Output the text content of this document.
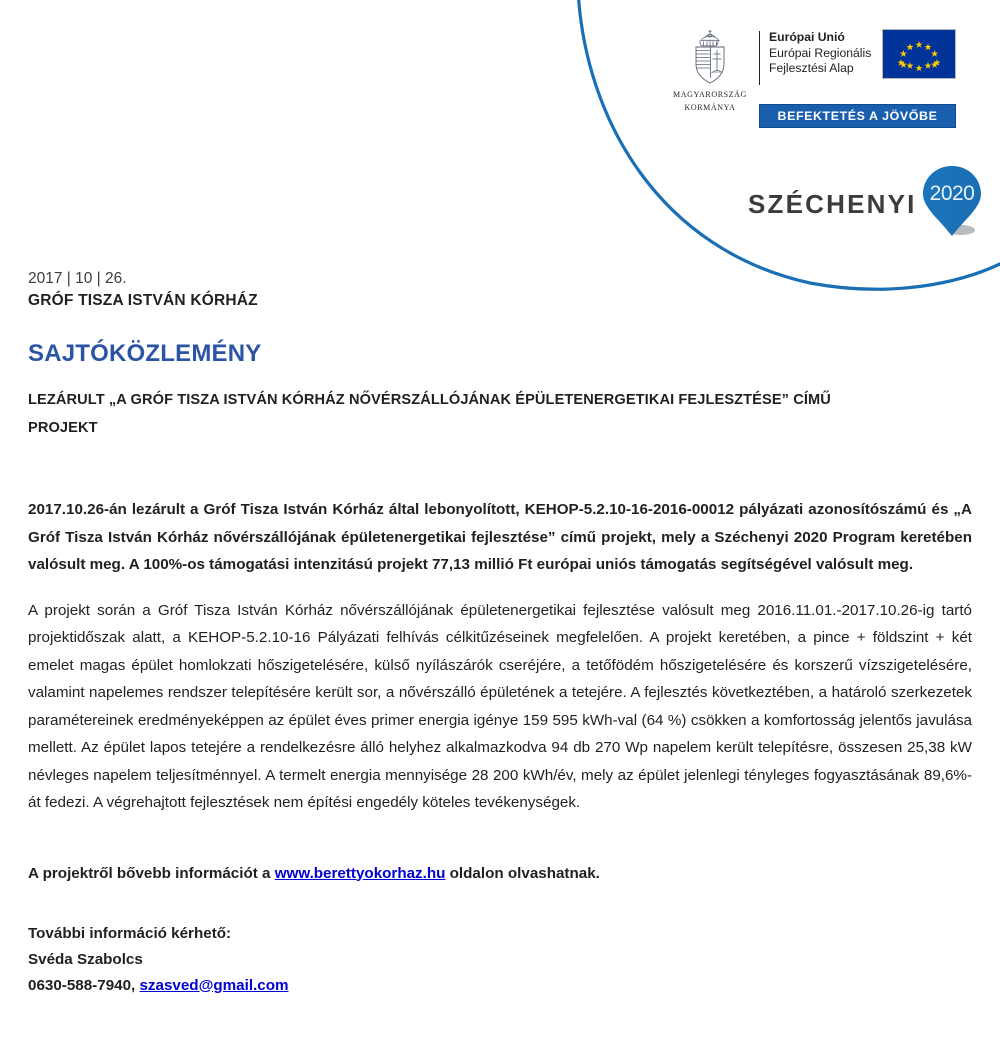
magyarország
kormánya
Európai Unió
Európai Regionális
Fejlesztési Alap
BEFEKTETÉS A JÖVŐBE
SZÉCHENYI 2020
2017 | 10 | 26.
GRÓF TISZA ISTVÁN KÓRHÁZ
SAJTÓKÖZLEMÉNY
LEZÁRULT „A GRÓF TISZA ISTVÁN KÓRHÁZ NŐVÉRSZÁLLÓJÁNAK ÉPÜLETENERGETIKAI FEJLESZTÉSE” CÍMŰ PROJEKT
2017.10.26-án lezárult a Gróf Tisza István Kórház által lebonyolított, KEHOP-5.2.10-16-2016-00012 pályázati azonosítószámú és „A Gróf Tisza István Kórház nővérszállójának épületenergetikai fejlesztése” című projekt, mely a Széchenyi 2020 Program keretében valósult meg. A 100%-os támogatási intenzitású projekt 77,13 millió Ft európai uniós támogatás segítségével valósult meg.
A projekt során a Gróf Tisza István Kórház nővérszállójának épületenergetikai fejlesztése valósult meg 2016.11.01.-2017.10.26-ig tartó projektidőszak alatt, a KEHOP-5.2.10-16 Pályázati felhívás célkitűzéseinek megfelelően. A projekt keretében, a pince + földszint + két emelet magas épület homlokzati hőszigetelésére, külső nyílászárók cseréjére, a tetőfödém hőszigetelésére és korszerű vízszigetelésére, valamint napelemes rendszer telepítésére került sor, a nővérszálló épületének a tetejére. A fejlesztés következtében, a határoló szerkezetek paramétereinek eredményeképpen az épület éves primer energia igénye 159 595 kWh-val (64 %) csökken a komfortosság jelentős javulása mellett. Az épület lapos tetejére a rendelkezésre álló helyhez alkalmazkodva 94 db 270 Wp napelem került telepítésre, összesen 25,38 kW névleges napelem teljesítménnyel. A termelt energia mennyisége 28 200 kWh/év, mely az épület jelenlegi tényleges fogyasztásának 89,6%-át fedezi. A végrehajtott fejlesztések nem építési engedély köteles tevékenységek.
A projektről bővebb információt a www.berettyokorhaz.hu oldalon olvashatnak.
További információ kérhető:
Svéda Szabolcs
0630-588-7940, szasved@gmail.com
